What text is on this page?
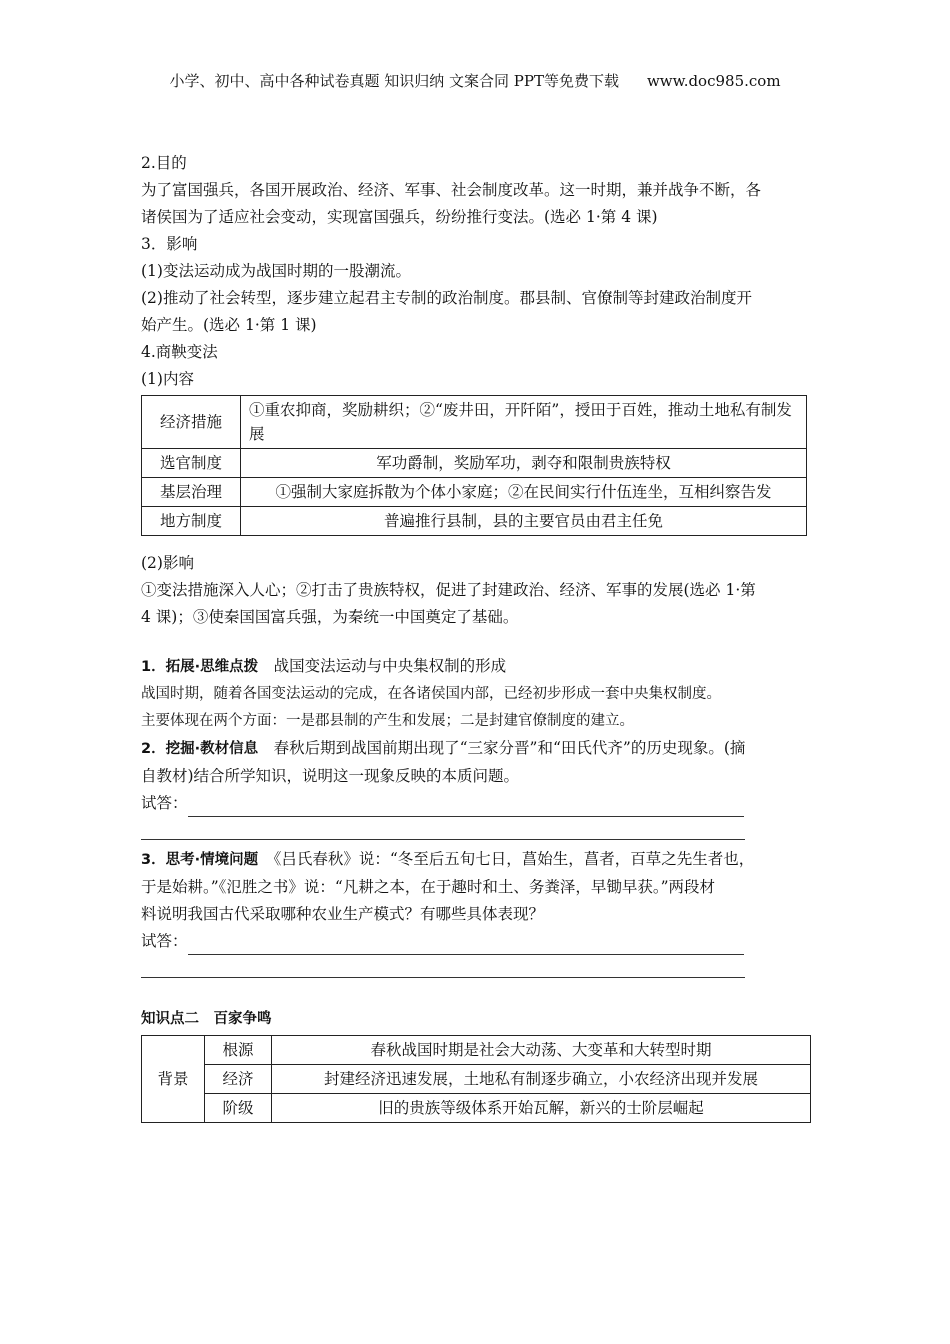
小学、初中、高中各种试卷真题 知识归纳 文案合同 PPT等免费下载 www.doc985.com

2.目的

为了富国强兵，各国开展政治、经济、军事、社会制度改革。这一时期，兼并战争不断，各

诸侯国为了适应社会变动，实现富国强兵，纷纷推行变法。(选必 1·第 4 课)

3．影响

(1)变法运动成为战国时期的一股潮流。

(2)推动了社会转型，逐步建立起君主专制的政治制度。郡县制、官僚制等封建政治制度开

始产生。(选必 1·第 1 课)

4.商鞅变法

(1)内容

经济措施	①重农抑商，奖励耕织；②“废井田，开阡陌”，授田于百姓，推动土地私有制发展
选官制度	军功爵制，奖励军功，剥夺和限制贵族特权
基层治理	①强制大家庭拆散为个体小家庭；②在民间实行什伍连坐，互相纠察告发
地方制度	普遍推行县制，县的主要官员由君主任免

(2)影响

①变法措施深入人心；②打击了贵族特权，促进了封建政治、经济、军事的发展(选必 1·第

4 课)；③使秦国国富兵强，为秦统一中国奠定了基础。

1．拓展·思维点拨　 战国变法运动与中央集权制的形成

战国时期，随着各国变法运动的完成，在各诸侯国内部，已经初步形成一套中央集权制度。

主要体现在两个方面：一是郡县制的产生和发展；二是封建官僚制度的建立。

2．挖掘·教材信息　 春秋后期到战国前期出现了“三家分晋”和“田氏代齐”的历史现象。(摘

自教材)结合所学知识，说明这一现象反映的本质问题。

试答：

3．思考·情境问题　 《吕氏春秋》说：“冬至后五旬七日，菖始生，菖者，百草之先生者也，

于是始耕。”《氾胜之书》说：“凡耕之本，在于趣时和土、务粪泽，早锄早获。”两段材

料说明我国古代采取哪种农业生产模式？有哪些具体表现？

试答：

知识点二　百家争鸣

背景	根源	春秋战国时期是社会大动荡、大变革和大转型时期
	经济	封建经济迅速发展，土地私有制逐步确立，小农经济出现并发展
	阶级	旧的贵族等级体系开始瓦解，新兴的士阶层崛起
